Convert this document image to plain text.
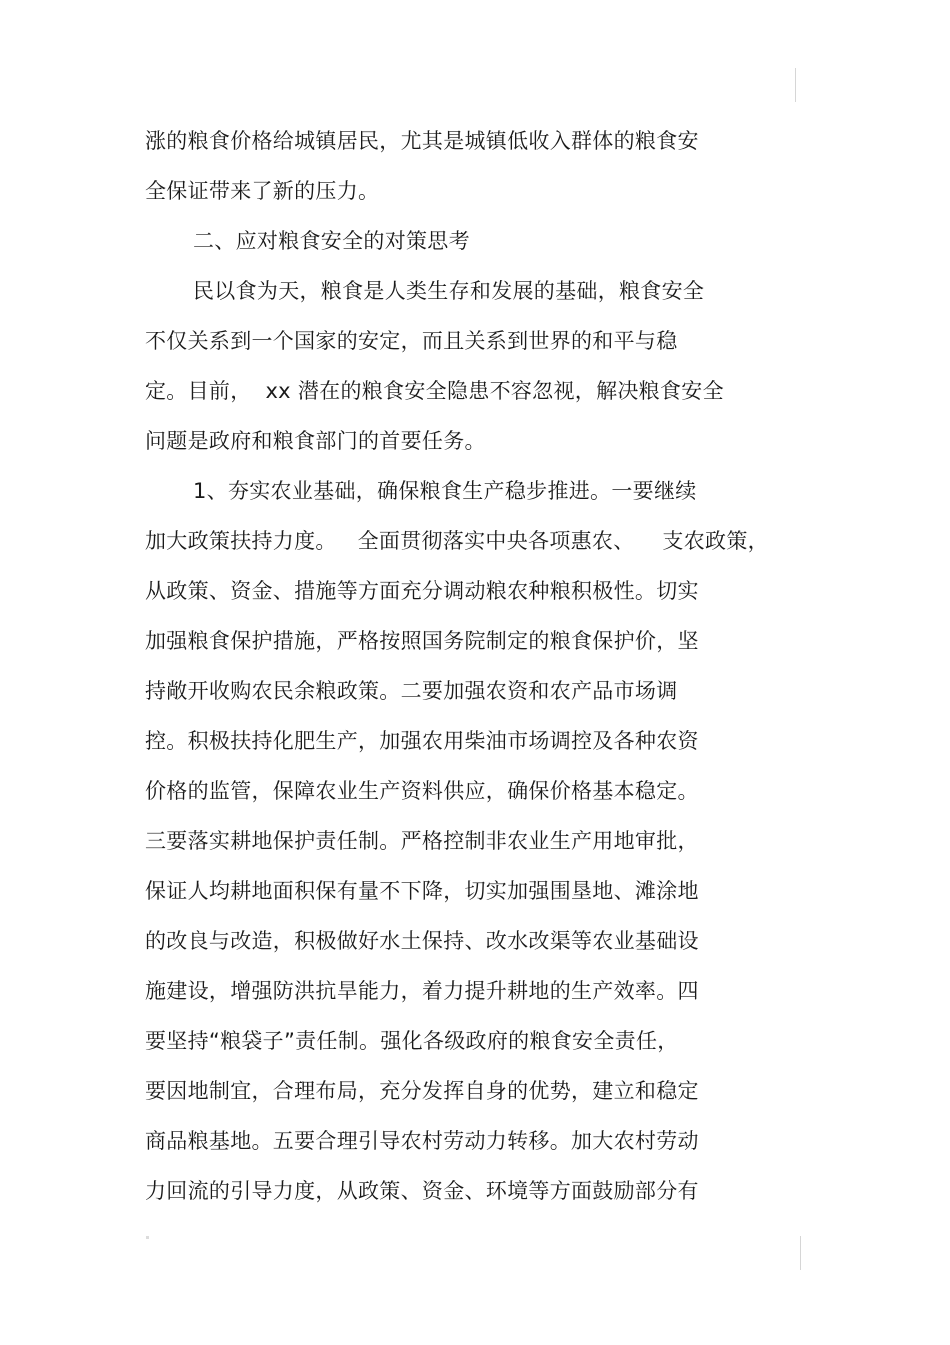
涨的粮食价格给城镇居民，尤其是城镇低收入群体的粮食安
全保证带来了新的压力。
二、应对粮食安全的对策思考
民以食为天，粮食是人类生存和发展的基础，粮食安全
不仅关系到一个国家的安定，而且关系到世界的和平与稳
定。目前，  xx 潜在的粮食安全隐患不容忽视，解决粮食安全
问题是政府和粮食部门的首要任务。
1、夯实农业基础，确保粮食生产稳步推进。一要继续
加大政策扶持力度。   全面贯彻落实中央各项惠农、    支农政策，
从政策、资金、措施等方面充分调动粮农种粮积极性。切实
加强粮食保护措施，严格按照国务院制定的粮食保护价，坚
持敞开收购农民余粮政策。二要加强农资和农产品市场调
控。积极扶持化肥生产，加强农用柴油市场调控及各种农资
价格的监管，保障农业生产资料供应，确保价格基本稳定。
三要落实耕地保护责任制。严格控制非农业生产用地审批，
保证人均耕地面积保有量不下降，切实加强围垦地、滩涂地
的改良与改造，积极做好水土保持、改水改渠等农业基础设
施建设，增强防洪抗旱能力，着力提升耕地的生产效率。四
要坚持“粮袋子”责任制。强化各级政府的粮食安全责任，
要因地制宜，合理布局，充分发挥自身的优势，建立和稳定
商品粮基地。五要合理引导农村劳动力转移。加大农村劳动
力回流的引导力度，从政策、资金、环境等方面鼓励部分有
